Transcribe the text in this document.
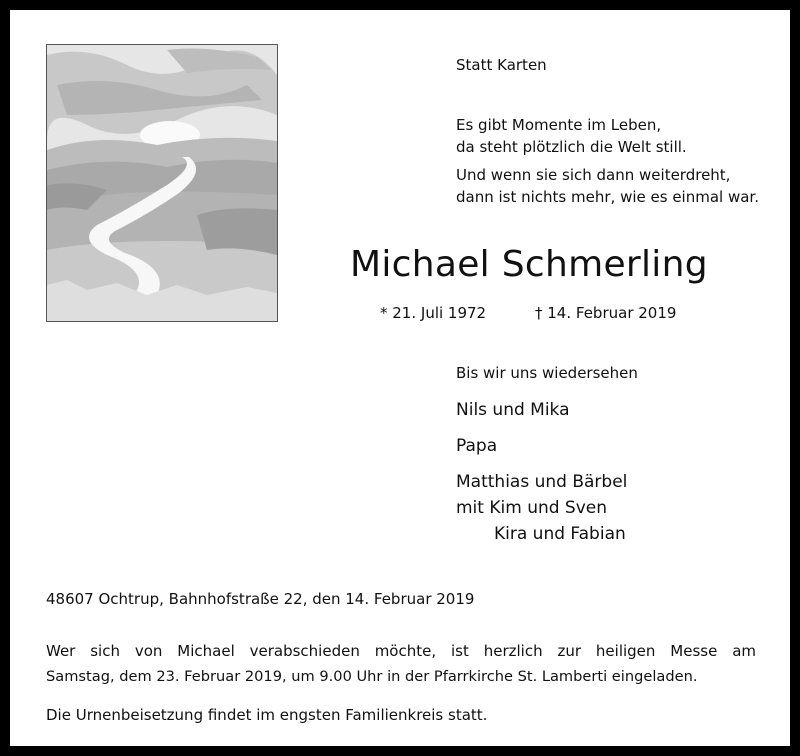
Statt Karten
Es gibt Momente im Leben,
da steht plötzlich die Welt still.
Und wenn sie sich dann weiterdreht,
dann ist nichts mehr, wie es einmal war.
Michael Schmerling
* 21. Juli 1972	† 14. Februar 2019
Bis wir uns wiedersehen
Nils und Mika
Papa
Matthias und Bärbel
mit Kim und Sven
Kira und Fabian
48607 Ochtrup, Bahnhofstraße 22, den 14. Februar 2019
Wer sich von Michael verabschieden möchte, ist herzlich zur heiligen Messe am
Samstag, dem 23. Februar 2019, um 9.00 Uhr in der Pfarrkirche St. Lamberti eingeladen.
Die Urnenbeisetzung findet im engsten Familienkreis statt.
